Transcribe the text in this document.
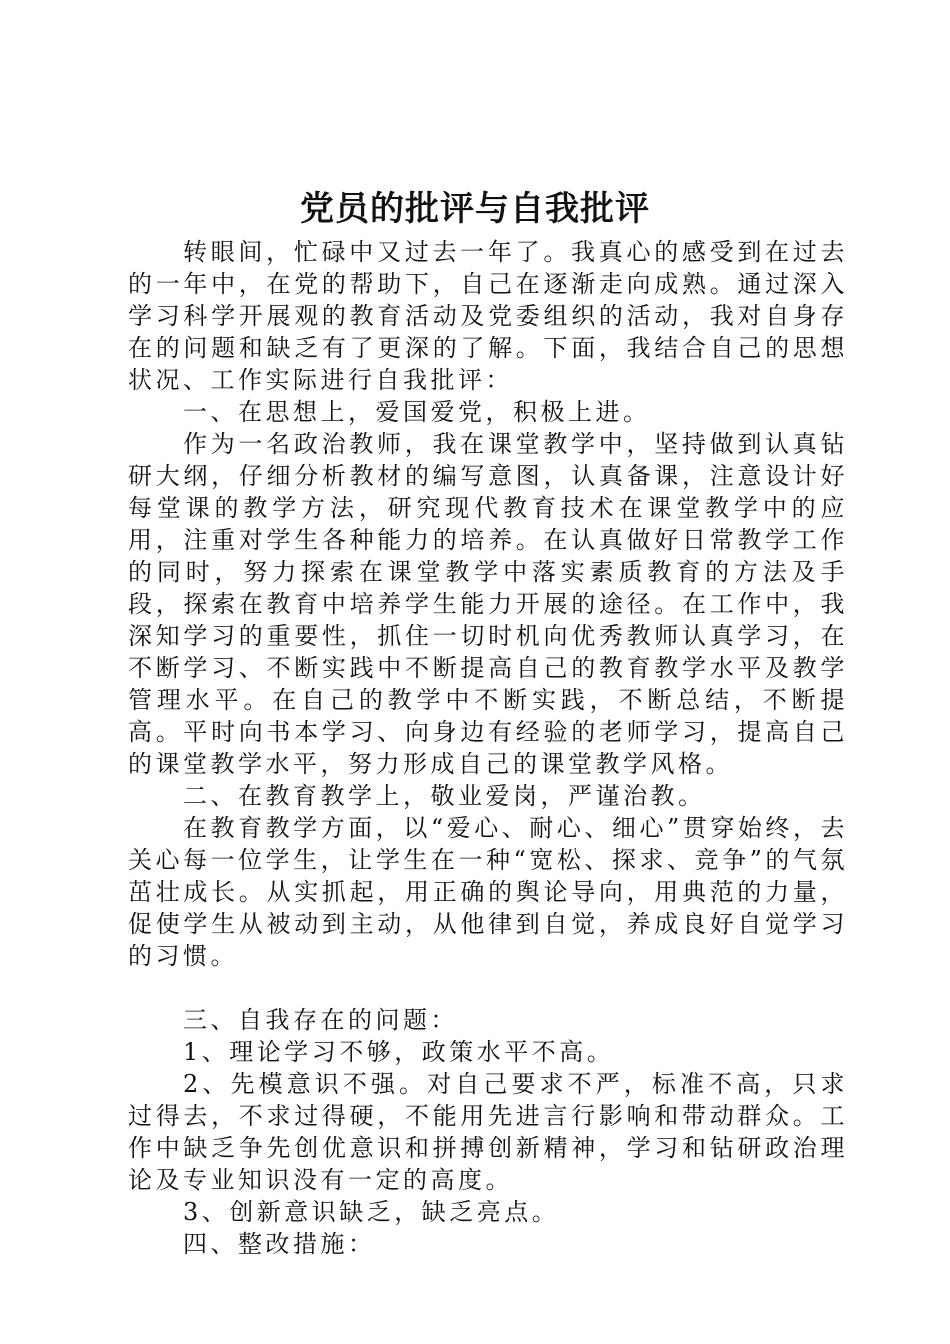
党员的批评与自我批评

转眼间，忙碌中又过去一年了。我真心的感受到在过去的一年中，在党的帮助下，自己在逐渐走向成熟。通过深入学习科学开展观的教育活动及党委组织的活动，我对自身存在的问题和缺乏有了更深的了解。下面，我结合自己的思想状况、工作实际进行自我批评：

一、在思想上，爱国爱党，积极上进。

作为一名政治教师，我在课堂教学中，坚持做到认真钻研大纲，仔细分析教材的编写意图，认真备课，注意设计好每堂课的教学方法，研究现代教育技术在课堂教学中的应用，注重对学生各种能力的培养。在认真做好日常教学工作的同时，努力探索在课堂教学中落实素质教育的方法及手段，探索在教育中培养学生能力开展的途径。在工作中，我深知学习的重要性，抓住一切时机向优秀教师认真学习，在不断学习、不断实践中不断提高自己的教育教学水平及教学管理水平。在自己的教学中不断实践，不断总结，不断提高。平时向书本学习、向身边有经验的老师学习，提高自己的课堂教学水平，努力形成自己的课堂教学风格。

二、在教育教学上，敬业爱岗，严谨治教。

在教育教学方面，以“爱心、耐心、细心”贯穿始终，去关心每一位学生，让学生在一种“宽松、探求、竞争”的气氛茁壮成长。从实抓起，用正确的舆论导向，用典范的力量，促使学生从被动到主动，从他律到自觉，养成良好自觉学习的习惯。

三、自我存在的问题：

1、理论学习不够，政策水平不高。

2、先模意识不强。对自己要求不严，标准不高，只求过得去，不求过得硬，不能用先进言行影响和带动群众。工作中缺乏争先创优意识和拼搏创新精神，学习和钻研政治理论及专业知识没有一定的高度。

3、创新意识缺乏，缺乏亮点。

四、整改措施：
